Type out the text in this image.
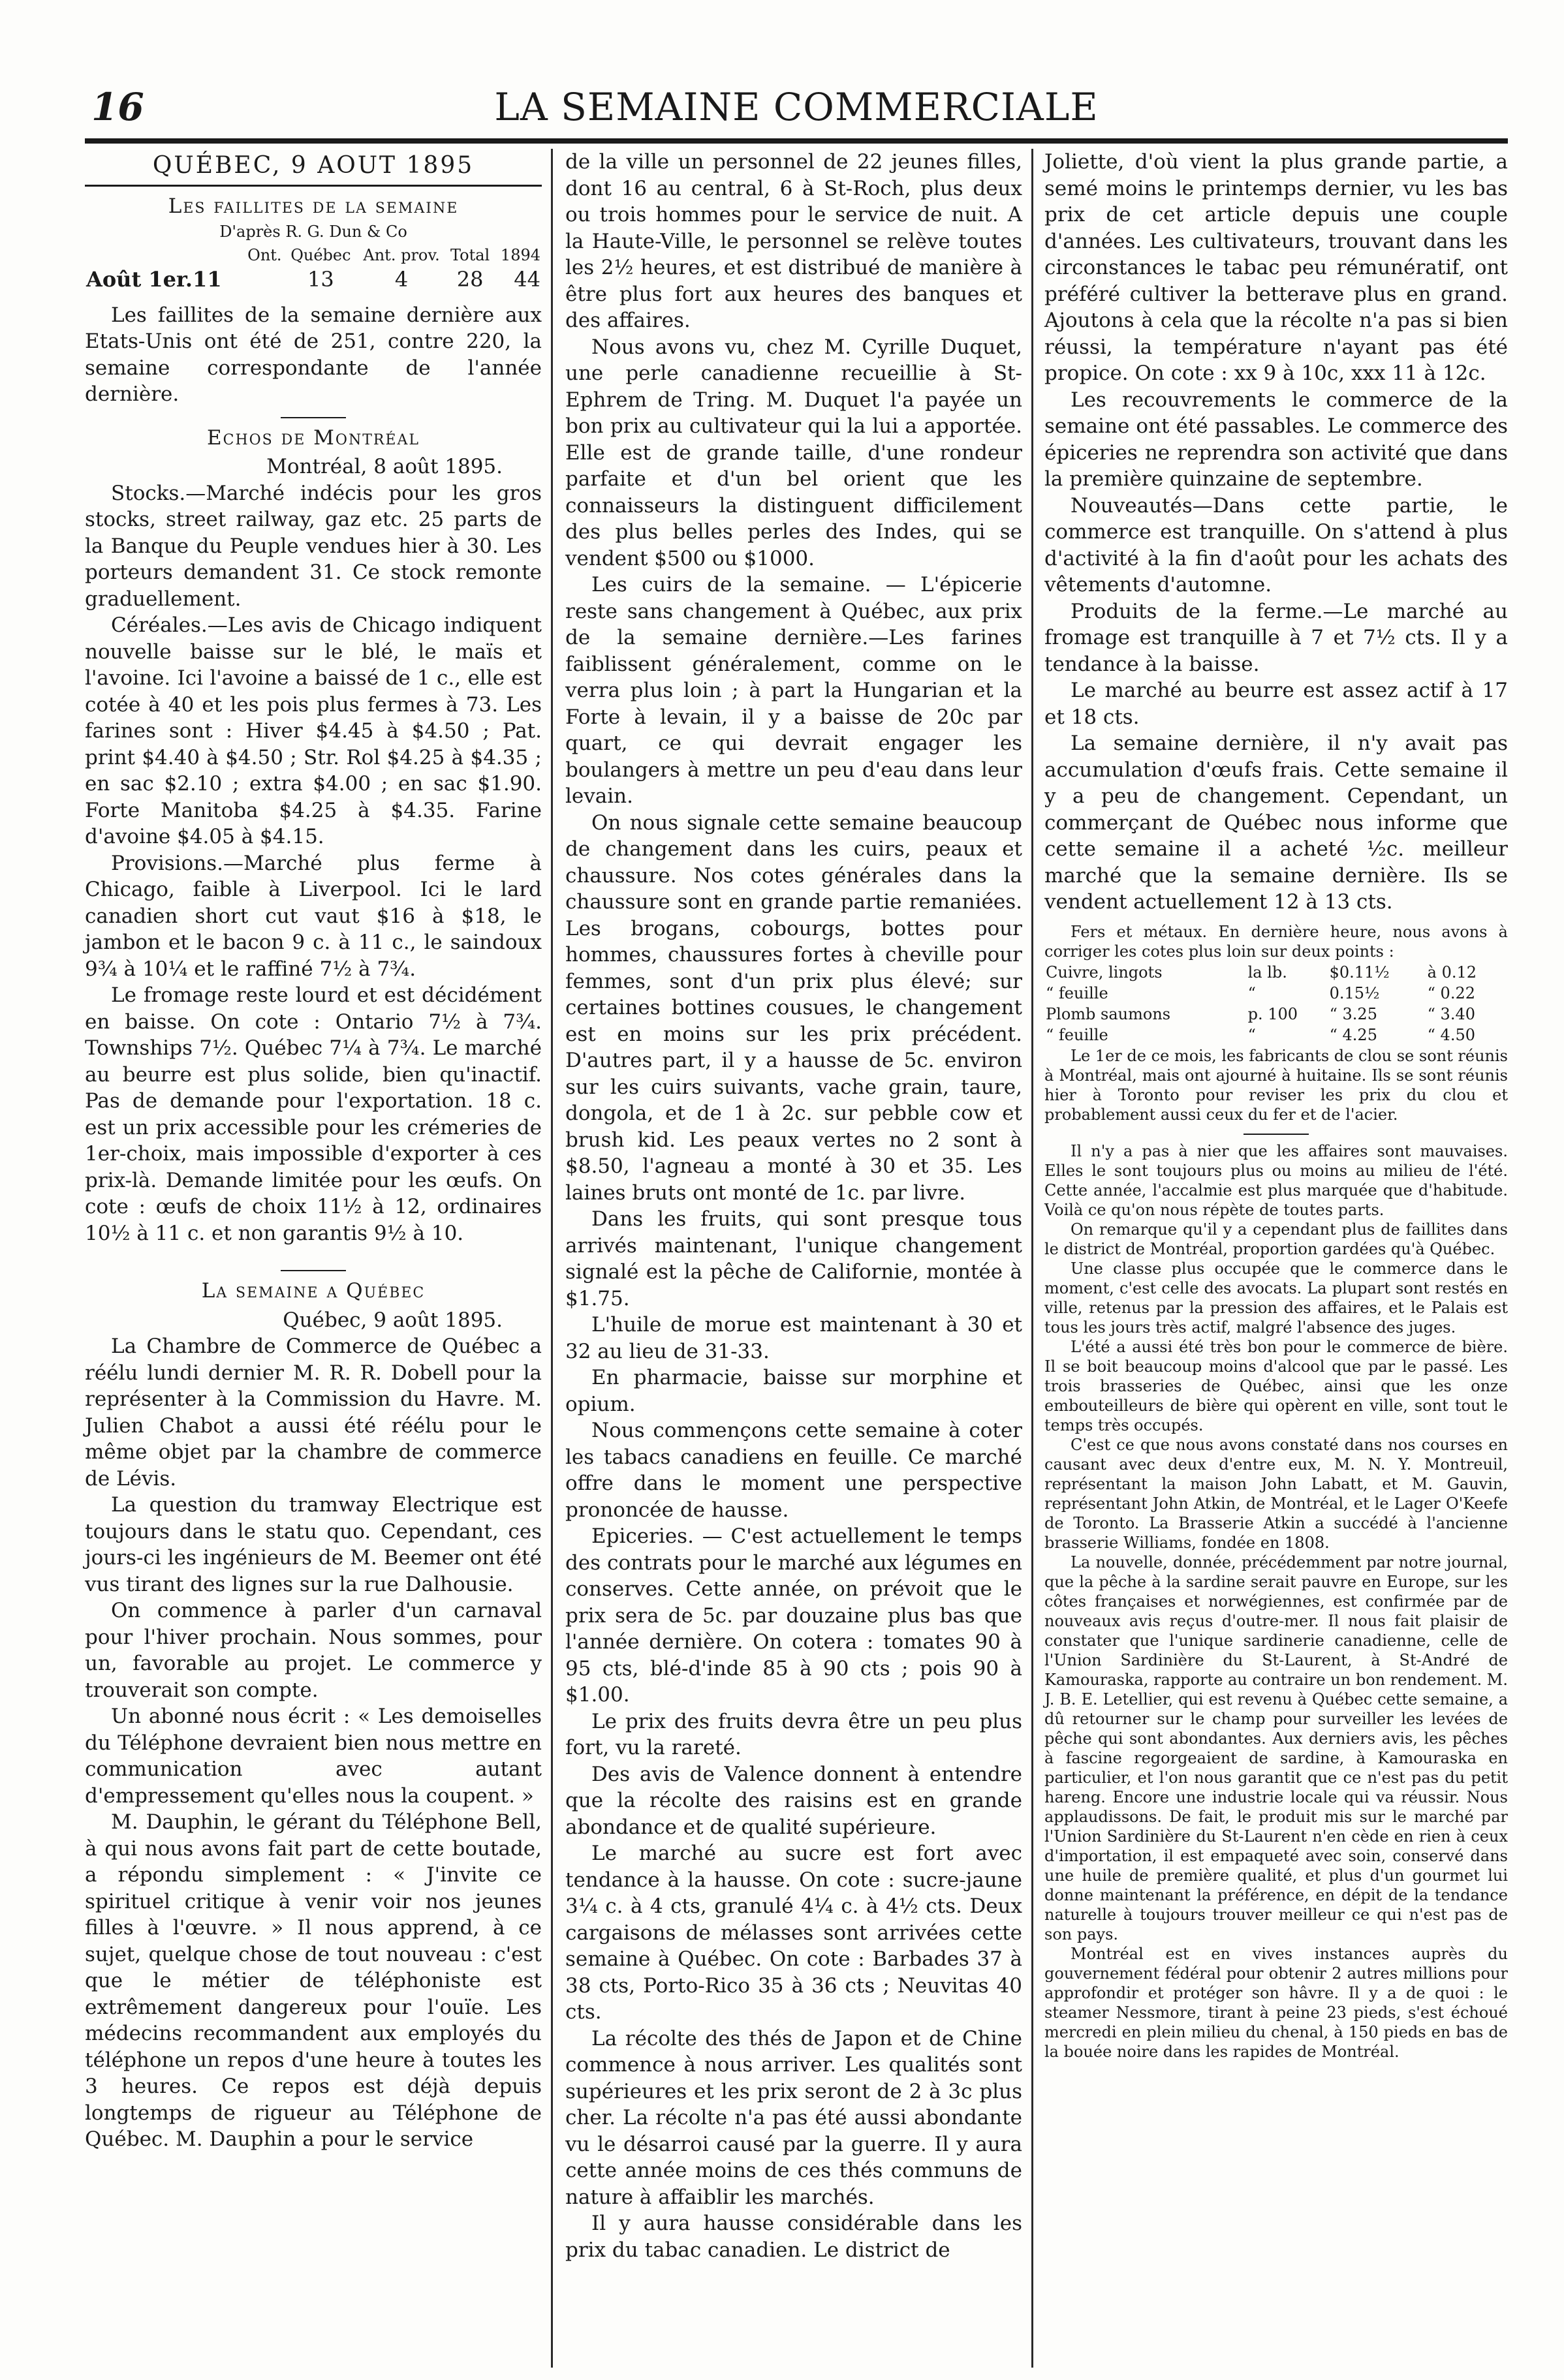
16	LA SEMAINE COMMERCIALE
QUÉBEC, 9 AOUT 1895
Les faillites de la semaine
D'après R. G. Dun & Co
	Ont.	Québec	Ant. prov.	Total	1894
Août 1er.11		13	4	28	44

Les faillites de la semaine dernière aux Etats-Unis ont été de 251, contre 220, la semaine correspondante de l'année dernière.

Echos de Montréal
Montréal, 8 août 1895.

Stocks.—Marché indécis pour les gros stocks, street railway, gaz etc. 25 parts de la Banque du Peuple vendues hier à 30. Les porteurs demandent 31. Ce stock remonte graduellement.

Céréales.—Les avis de Chicago indiquent nouvelle baisse sur le blé, le maïs et l'avoine. Ici l'avoine a baissé de 1 c., elle est cotée à 40 et les pois plus fermes à 73. Les farines sont : Hiver $4.45 à $4.50 ; Pat. print $4.40 à $4.50 ; Str. Rol $4.25 à $4.35 ; en sac $2.10 ; extra $4.00 ; en sac $1.90. Forte Manitoba $4.25 à $4.35. Farine d'avoine $4.05 à $4.15.

Provisions.—Marché plus ferme à Chicago, faible à Liverpool. Ici le lard canadien short cut vaut $16 à $18, le jambon et le bacon 9 c. à 11 c., le saindoux 9¾ à 10¼ et le raffiné 7½ à 7¾.

Le fromage reste lourd et est décidément en baisse. On cote : Ontario 7½ à 7¾. Townships 7½. Québec 7¼ à 7¾. Le marché au beurre est plus solide, bien qu'inactif. Pas de demande pour l'exportation. 18 c. est un prix accessible pour les crémeries de 1er-choix, mais impossible d'exporter à ces prix-là. Demande limitée pour les œufs. On cote : œufs de choix 11½ à 12, ordinaires 10½ à 11 c. et non garantis 9½ à 10.

La semaine a Québec
Québec, 9 août 1895.

La Chambre de Commerce de Québec a réélu lundi dernier M. R. R. Dobell pour la représenter à la Commission du Havre. M. Julien Chabot a aussi été réélu pour le même objet par la chambre de commerce de Lévis.

La question du tramway Electrique est toujours dans le statu quo. Cependant, ces jours-ci les ingénieurs de M. Beemer ont été vus tirant des lignes sur la rue Dalhousie.

On commence à parler d'un carnaval pour l'hiver prochain. Nous sommes, pour un, favorable au projet. Le commerce y trouverait son compte.

Un abonné nous écrit : « Les demoiselles du Téléphone devraient bien nous mettre en communication avec autant d'empressement qu'elles nous la coupent. »

M. Dauphin, le gérant du Téléphone Bell, à qui nous avons fait part de cette boutade, a répondu simplement : « J'invite ce spirituel critique à venir voir nos jeunes filles à l'œuvre. » Il nous apprend, à ce sujet, quelque chose de tout nouveau : c'est que le métier de téléphoniste est extrêmement dangereux pour l'ouïe. Les médecins recommandent aux employés du téléphone un repos d'une heure à toutes les 3 heures. Ce repos est déjà depuis longtemps de rigueur au Téléphone de Québec. M. Dauphin a pour le service

de la ville un personnel de 22 jeunes filles, dont 16 au central, 6 à St-Roch, plus deux ou trois hommes pour le service de nuit. A la Haute-Ville, le personnel se relève toutes les 2½ heures, et est distribué de manière à être plus fort aux heures des banques et des affaires.

Nous avons vu, chez M. Cyrille Duquet, une perle canadienne recueillie à St-Ephrem de Tring. M. Duquet l'a payée un bon prix au cultivateur qui la lui a apportée. Elle est de grande taille, d'une rondeur parfaite et d'un bel orient que les connaisseurs la distinguent difficilement des plus belles perles des Indes, qui se vendent $500 ou $1000.

Les cuirs de la semaine. — L'épicerie reste sans changement à Québec, aux prix de la semaine dernière.—Les farines faiblissent généralement, comme on le verra plus loin ; à part la Hungarian et la Forte à levain, il y a baisse de 20c par quart, ce qui devrait engager les boulangers à mettre un peu d'eau dans leur levain.

On nous signale cette semaine beaucoup de changement dans les cuirs, peaux et chaussure. Nos cotes générales dans la chaussure sont en grande partie remaniées. Les brogans, cobourgs, bottes pour hommes, chaussures fortes à cheville pour femmes, sont d'un prix plus élevé; sur certaines bottines cousues, le changement est en moins sur les prix précédent. D'autres part, il y a hausse de 5c. environ sur les cuirs suivants, vache grain, taure, dongola, et de 1 à 2c. sur pebble cow et brush kid. Les peaux vertes no 2 sont à $8.50, l'agneau a monté à 30 et 35. Les laines bruts ont monté de 1c. par livre.

Dans les fruits, qui sont presque tous arrivés maintenant, l'unique changement signalé est la pêche de Californie, montée à $1.75.

L'huile de morue est maintenant à 30 et 32 au lieu de 31-33.

En pharmacie, baisse sur morphine et opium.

Nous commençons cette semaine à coter les tabacs canadiens en feuille. Ce marché offre dans le moment une perspective prononcée de hausse.

Epiceries. — C'est actuellement le temps des contrats pour le marché aux légumes en conserves. Cette année, on prévoit que le prix sera de 5c. par douzaine plus bas que l'année dernière. On cotera : tomates 90 à 95 cts, blé-d'inde 85 à 90 cts ; pois 90 à $1.00.

Le prix des fruits devra être un peu plus fort, vu la rareté.

Des avis de Valence donnent à entendre que la récolte des raisins est en grande abondance et de qualité supérieure.

Le marché au sucre est fort avec tendance à la hausse. On cote : sucre-jaune 3¼ c. à 4 cts, granulé 4¼ c. à 4½ cts. Deux cargaisons de mélasses sont arrivées cette semaine à Québec. On cote : Barbades 37 à 38 cts, Porto-Rico 35 à 36 cts ; Neuvitas 40 cts.

La récolte des thés de Japon et de Chine commence à nous arriver. Les qualités sont supérieures et les prix seront de 2 à 3c plus cher. La récolte n'a pas été aussi abondante vu le désarroi causé par la guerre. Il y aura cette année moins de ces thés communs de nature à affaiblir les marchés.

Il y aura hausse considérable dans les prix du tabac canadien. Le district de

Joliette, d'où vient la plus grande partie, a semé moins le printemps dernier, vu les bas prix de cet article depuis une couple d'années. Les cultivateurs, trouvant dans les circonstances le tabac peu rémunératif, ont préféré cultiver la betterave plus en grand. Ajoutons à cela que la récolte n'a pas si bien réussi, la température n'ayant pas été propice. On cote : xx 9 à 10c, xxx 11 à 12c.

Les recouvrements le commerce de la semaine ont été passables. Le commerce des épiceries ne reprendra son activité que dans la première quinzaine de septembre.

Nouveautés—Dans cette partie, le commerce est tranquille. On s'attend à plus d'activité à la fin d'août pour les achats des vêtements d'automne.

Produits de la ferme.—Le marché au fromage est tranquille à 7 et 7½ cts. Il y a tendance à la baisse.

Le marché au beurre est assez actif à 17 et 18 cts.

La semaine dernière, il n'y avait pas accumulation d'œufs frais. Cette semaine il y a peu de changement. Cependant, un commerçant de Québec nous informe que cette semaine il a acheté ½c. meilleur marché que la semaine dernière. Ils se vendent actuellement 12 à 13 cts.

Fers et métaux. En dernière heure, nous avons à corriger les cotes plus loin sur deux points :

Cuivre, lingots	la lb.	$0.11½	à 0.12
“ feuille	“	0.15½	“ 0.22
Plomb saumons	p. 100	“ 3.25	“ 3.40
“ feuille	“	“ 4.25	“ 4.50

Le 1er de ce mois, les fabricants de clou se sont réunis à Montréal, mais ont ajourné à huitaine. Ils se sont réunis hier à Toronto pour reviser les prix du clou et probablement aussi ceux du fer et de l'acier.

Il n'y a pas à nier que les affaires sont mauvaises. Elles le sont toujours plus ou moins au milieu de l'été. Cette année, l'accalmie est plus marquée que d'habitude. Voilà ce qu'on nous répète de toutes parts.

On remarque qu'il y a cependant plus de faillites dans le district de Montréal, proportion gardées qu'à Québec.

Une classe plus occupée que le commerce dans le moment, c'est celle des avocats. La plupart sont restés en ville, retenus par la pression des affaires, et le Palais est tous les jours très actif, malgré l'absence des juges.

L'été a aussi été très bon pour le commerce de bière. Il se boit beaucoup moins d'alcool que par le passé. Les trois brasseries de Québec, ainsi que les onze embouteilleurs de bière qui opèrent en ville, sont tout le temps très occupés.

C'est ce que nous avons constaté dans nos courses en causant avec deux d'entre eux, M. N. Y. Montreuil, représentant la maison John Labatt, et M. Gauvin, représentant John Atkin, de Montréal, et le Lager O'Keefe de Toronto. La Brasserie Atkin a succédé à l'ancienne brasserie Williams, fondée en 1808.

La nouvelle, donnée, précédemment par notre journal, que la pêche à la sardine serait pauvre en Europe, sur les côtes françaises et norwégiennes, est confirmée par de nouveaux avis reçus d'outre-mer. Il nous fait plaisir de constater que l'unique sardinerie canadienne, celle de l'Union Sardinière du St-Laurent, à St-André de Kamouraska, rapporte au contraire un bon rendement. M. J. B. E. Letellier, qui est revenu à Québec cette semaine, a dû retourner sur le champ pour surveiller les levées de pêche qui sont abondantes. Aux derniers avis, les pêches à fascine regorgeaient de sardine, à Kamouraska en particulier, et l'on nous garantit que ce n'est pas du petit hareng. Encore une industrie locale qui va réussir. Nous applaudissons. De fait, le produit mis sur le marché par l'Union Sardinière du St-Laurent n'en cède en rien à ceux d'importation, il est empaqueté avec soin, conservé dans une huile de première qualité, et plus d'un gourmet lui donne maintenant la préférence, en dépit de la tendance naturelle à toujours trouver meilleur ce qui n'est pas de son pays.

Montréal est en vives instances auprès du gouvernement fédéral pour obtenir 2 autres millions pour approfondir et protéger son hâvre. Il y a de quoi : le steamer Nessmore, tirant à peine 23 pieds, s'est échoué mercredi en plein milieu du chenal, à 150 pieds en bas de la bouée noire dans les rapides de Montréal.
